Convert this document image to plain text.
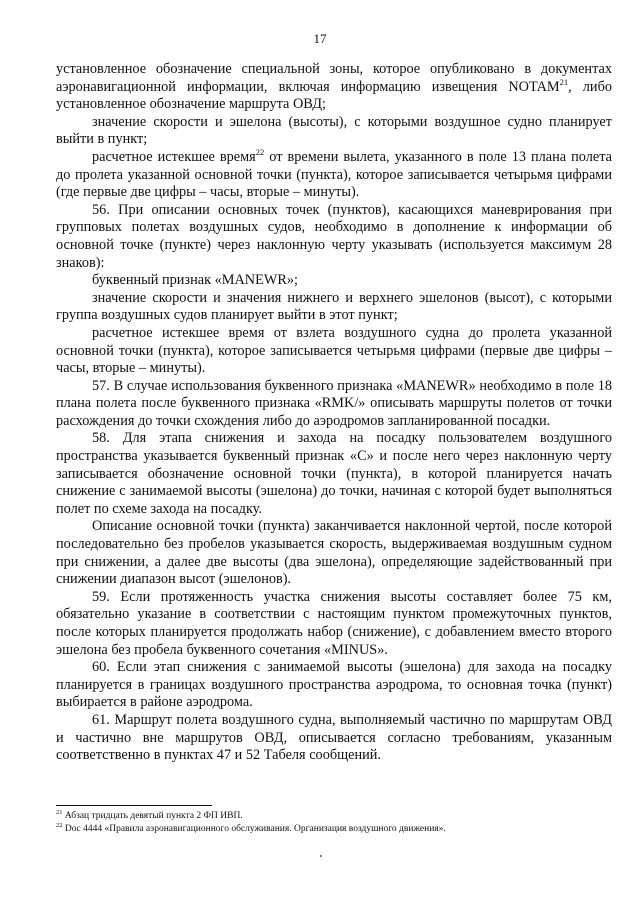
17

установленное обозначение специальной зоны, которое опубликовано в документах аэронавигационной информации, включая информацию извещения NOTAM$^{21}$, либо установленное обозначение маршрута ОВД;

значение скорости и эшелона (высоты), с которыми воздушное судно планирует выйти в пункт;

расчетное истекшее время$^{22}$ от времени вылета, указанного в поле 13 плана полета до пролета указанной основной точки (пункта), которое записывается четырьмя цифрами (где первые две цифры – часы, вторые – минуты).

56. При описании основных точек (пунктов), касающихся маневрирования при групповых полетах воздушных судов, необходимо в дополнение к информации об основной точке (пункте) через наклонную черту указывать (используется максимум 28 знаков):

буквенный признак «MANEWR»;

значение скорости и значения нижнего и верхнего эшелонов (высот), с которыми группа воздушных судов планирует выйти в этот пункт;

расчетное истекшее время от взлета воздушного судна до пролета указанной основной точки (пункта), которое записывается четырьмя цифрами (первые две цифры – часы, вторые – минуты).

57. В случае использования буквенного признака «MANEWR» необходимо в поле 18 плана полета после буквенного признака «RMK/» описывать маршруты полетов от точки расхождения до точки схождения либо до аэродромов запланированной посадки.

58. Для этапа снижения и захода на посадку пользователем воздушного пространства указывается буквенный признак «С» и после него через наклонную черту записывается обозначение основной точки (пункта), в которой планируется начать снижение с занимаемой высоты (эшелона) до точки, начиная с которой будет выполняться полет по схеме захода на посадку.

Описание основной точки (пункта) заканчивается наклонной чертой, после которой последовательно без пробелов указывается скорость, выдерживаемая воздушным судном при снижении, а далее две высоты (два эшелона), определяющие задействованный при снижении диапазон высот (эшелонов).

59. Если протяженность участка снижения высоты составляет более 75 км, обязательно указание в соответствии с настоящим пунктом промежуточных пунктов, после которых планируется продолжать набор (снижение), с добавлением вместо второго эшелона без пробела буквенного сочетания «MINUS».

60. Если этап снижения с занимаемой высоты (эшелона) для захода на посадку планируется в границах воздушного пространства аэродрома, то основная точка (пункт) выбирается в районе аэродрома.

61. Маршрут полета воздушного судна, выполняемый частично по маршрутам ОВД и частично вне маршрутов ОВД, описывается согласно требованиям, указанным соответственно в пунктах 47 и 52 Табеля сообщений.

$^{21}$ Абзац тридцать девятый пункта 2 ФП ИВП.
$^{22}$ Doc 4444 «Правила аэронавигационного обслуживания. Организация воздушного движения».
